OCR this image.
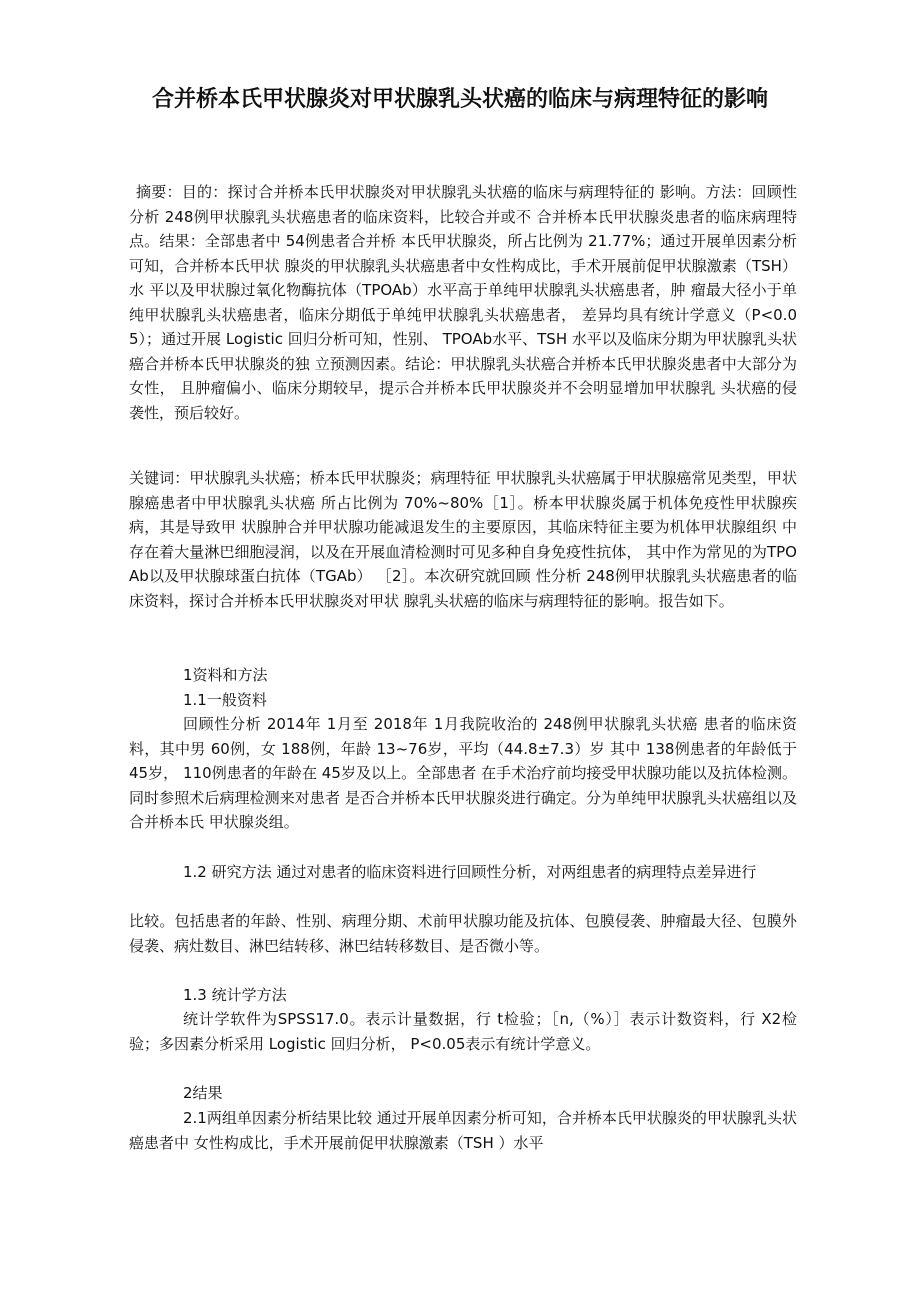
合并桥本氏甲状腺炎对甲状腺乳头状癌的临床与病理特征的影响
摘要：目的：探讨合并桥本氏甲状腺炎对甲状腺乳头状癌的临床与病理特征的 影响。方法：回顾性分析 248例甲状腺乳头状癌患者的临床资料，比较合并或不 合并桥本氏甲状腺炎患者的临床病理特点。结果：全部患者中 54例患者合并桥 本氏甲状腺炎，所占比例为 21.77%；通过开展单因素分析可知，合并桥本氏甲状 腺炎的甲状腺乳头状癌患者中女性构成比，手术开展前促甲状腺激素（TSH）水 平以及甲状腺过氧化物酶抗体（TPOAb）水平高于单纯甲状腺乳头状癌患者，肿 瘤最大径小于单纯甲状腺乳头状癌患者，临床分期低于单纯甲状腺乳头状癌患者， 差异均具有统计学意义（P<0.05）；通过开展 Logistic 回归分析可知，性别、 TPOAb水平、TSH 水平以及临床分期为甲状腺乳头状癌合并桥本氏甲状腺炎的独 立预测因素。结论：甲状腺乳头状癌合并桥本氏甲状腺炎患者中大部分为女性， 且肿瘤偏小、临床分期较早，提示合并桥本氏甲状腺炎并不会明显增加甲状腺乳 头状癌的侵袭性，预后较好。
关键词：甲状腺乳头状癌；桥本氏甲状腺炎；病理特征 甲状腺乳头状癌属于甲状腺癌常见类型，甲状腺癌患者中甲状腺乳头状癌 所占比例为 70%~80%［1］。桥本甲状腺炎属于机体免疫性甲状腺疾病，其是导致甲 状腺肿合并甲状腺功能减退发生的主要原因，其临床特征主要为机体甲状腺组织 中存在着大量淋巴细胞浸润，以及在开展血清检测时可见多种自身免疫性抗体， 其中作为常见的为TPOAb以及甲状腺球蛋白抗体（TGAb） ［2］。本次研究就回顾 性分析 248例甲状腺乳头状癌患者的临床资料，探讨合并桥本氏甲状腺炎对甲状 腺乳头状癌的临床与病理特征的影响。报告如下。
1资料和方法
1.1一般资料
回顾性分析 2014年 1月至 2018年 1月我院收治的 248例甲状腺乳头状癌 患者的临床资料，其中男 60例，女 188例，年龄 13~76岁，平均（44.8±7.3）岁 其中 138例患者的年龄低于 45岁， 110例患者的年龄在 45岁及以上。全部患者 在手术治疗前均接受甲状腺功能以及抗体检测。同时参照术后病理检测来对患者 是否合并桥本氏甲状腺炎进行确定。分为单纯甲状腺乳头状癌组以及合并桥本氏 甲状腺炎组。
1.2 研究方法 通过对患者的临床资料进行回顾性分析，对两组患者的病理特点差异进行
比较。包括患者的年龄、性别、病理分期、术前甲状腺功能及抗体、包膜侵袭、肿瘤最大径、包膜外侵袭、病灶数目、淋巴结转移、淋巴结转移数目、是否微小等。
1.3 统计学方法
统计学软件为SPSS17.0。表示计量数据，行 t检验；［n,（%）］表示计数资料，行 X2检验；多因素分析采用 Logistic 回归分析， P<0.05表示有统计学意义。
2结果
2.1两组单因素分析结果比较 通过开展单因素分析可知，合并桥本氏甲状腺炎的甲状腺乳头状癌患者中 女性构成比，手术开展前促甲状腺激素（TSH ）水平
